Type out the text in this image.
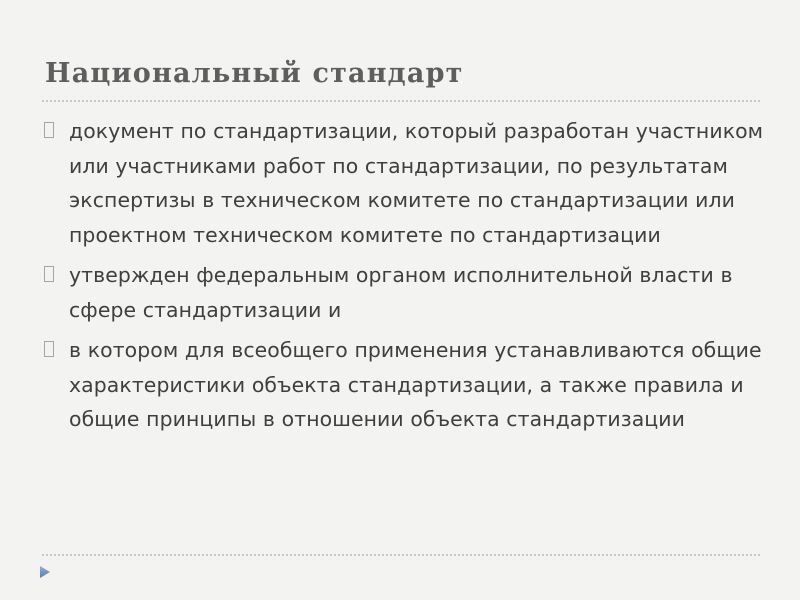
Национальный стандарт
документ по стандартизации, который разработан участником или участниками работ по стандартизации, по результатам экспертизы в техническом комитете по стандартизации или проектном техническом комитете по стандартизации
утвержден федеральным органом исполнительной власти в сфере стандартизации и
в котором для всеобщего применения устанавливаются общие характеристики объекта стандартизации, а также правила и общие принципы в отношении объекта стандартизации
